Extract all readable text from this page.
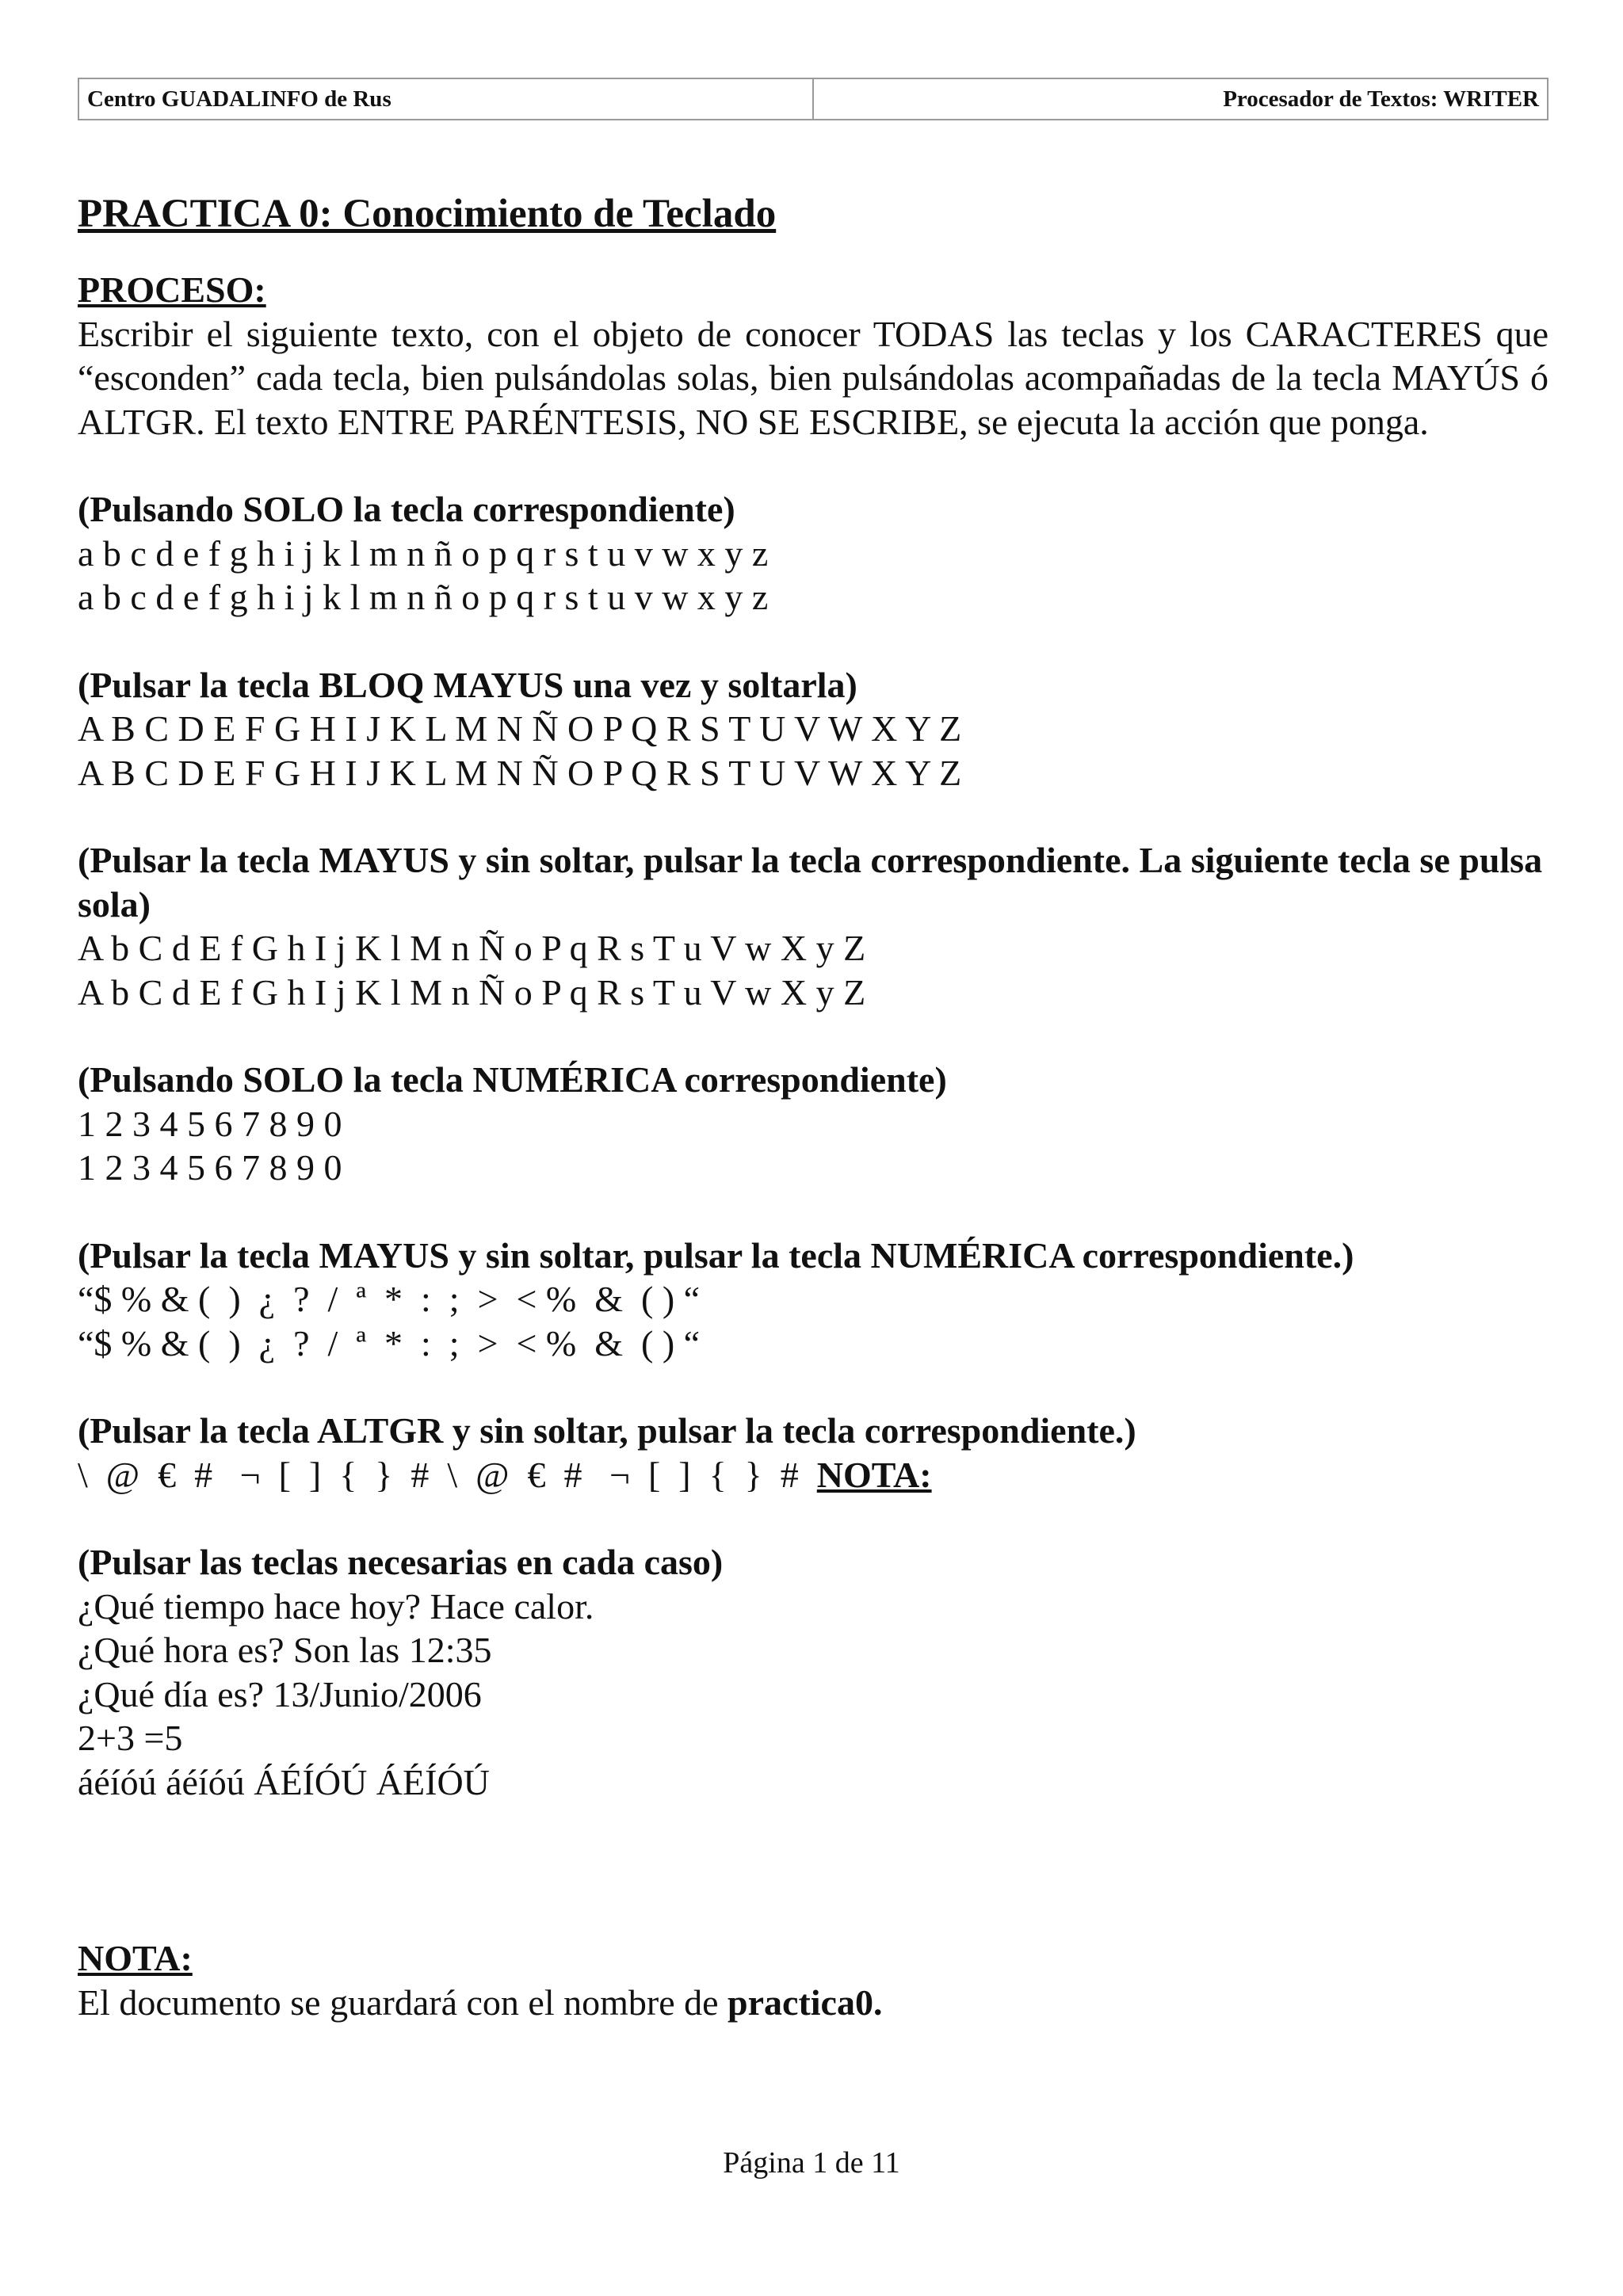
Centro GUADALINFO de Rus	Procesador de Textos: WRITER
PRACTICA 0: Conocimiento de Teclado
PROCESO:
Escribir el siguiente texto, con el objeto de conocer TODAS las teclas y los CARACTERES que “esconden” cada tecla, bien pulsándolas solas, bien pulsándolas acompañadas de la tecla MAYÚS ó ALTGR. El texto ENTRE PARÉNTESIS, NO SE ESCRIBE, se ejecuta la acción que ponga.
(Pulsando SOLO la tecla correspondiente)
a b c d e f g h i j k l m n ñ o p q r s t u v w x y z
a b c d e f g h i j k l m n ñ o p q r s t u v w x y z
(Pulsar la tecla BLOQ MAYUS una vez y soltarla)
A B C D E F G H I J K L M N Ñ O P Q R S T U V W X Y Z
A B C D E F G H I J K L M N Ñ O P Q R S T U V W X Y Z
(Pulsar la tecla MAYUS y sin soltar, pulsar la tecla correspondiente. La siguiente tecla se pulsa sola)
A b C d E f G h I j K l M n Ñ o P q R s T u V w X y Z
A b C d E f G h I j K l M n Ñ o P q R s T u V w X y Z
(Pulsando SOLO la tecla NUMÉRICA correspondiente)
1 2 3 4 5 6 7 8 9 0
1 2 3 4 5 6 7 8 9 0
(Pulsar la tecla MAYUS y sin soltar, pulsar la tecla NUMÉRICA correspondiente.)
“$ % & (  )  ¿  ?  /  ª  *  :  ;  >  < %  &  ( ) “
“$ % & (  )  ¿  ?  /  ª  *  :  ;  >  < %  &  ( ) “
(Pulsar la tecla ALTGR y sin soltar, pulsar la tecla correspondiente.)
\  @  €  #   ¬  [  ]  {  }  #  \  @  €  #   ¬  [  ]  {  }  #  NOTA:
(Pulsar las teclas necesarias en cada caso)
¿Qué tiempo hace hoy? Hace calor.
¿Qué hora es? Son las 12:35
¿Qué día es? 13/Junio/2006
2+3 =5
áéíóú áéíóú ÁÉÍÓÚ ÁÉÍÓÚ
NOTA:
El documento se guardará con el nombre de practica0.
Página 1 de 11
